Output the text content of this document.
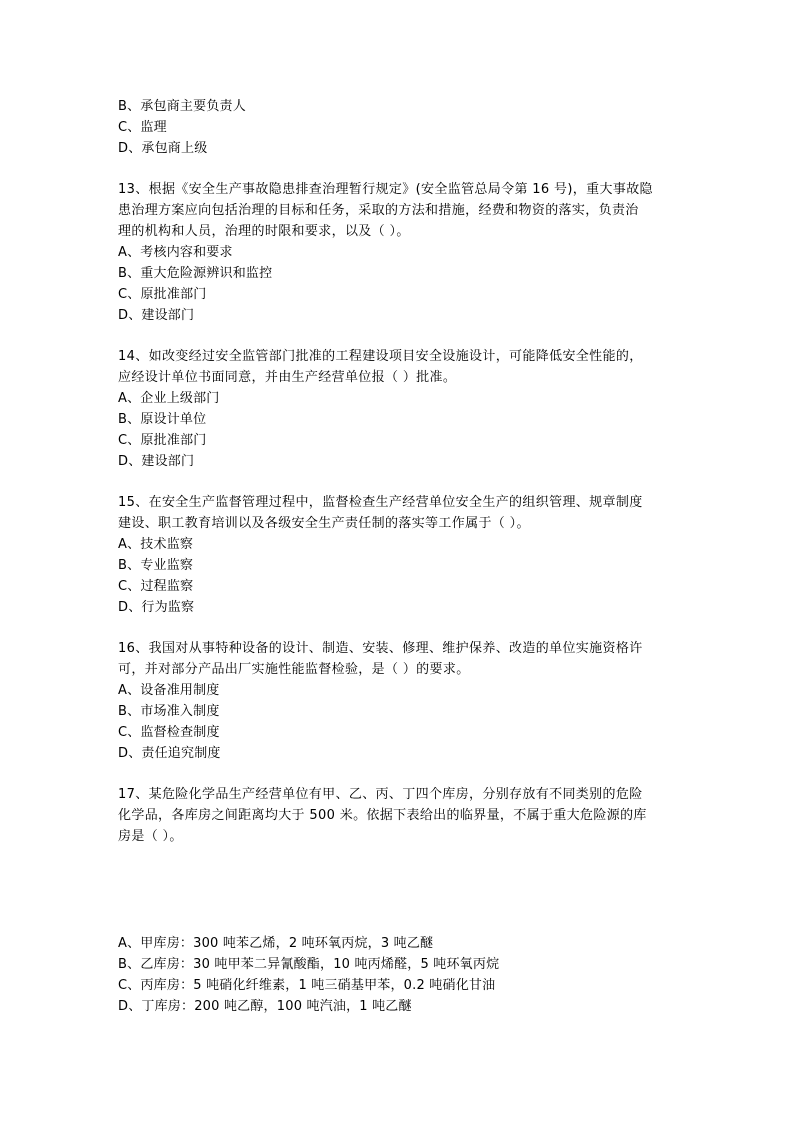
B、承包商主要负责人
C、监理
D、承包商上级
13、根据《安全生产事故隐患排查治理暂行规定》(安全监管总局令第 16 号)，重大事故隐
患治理方案应向包括治理的目标和任务，采取的方法和措施，经费和物资的落实，负责治
理的机构和人员，治理的时限和要求，以及（ ）。
A、考核内容和要求
B、重大危险源辨识和监控
C、原批准部门
D、建设部门
14、如改变经过安全监管部门批准的工程建设项目安全设施设计，可能降低安全性能的，
应经设计单位书面同意，并由生产经营单位报（ ）批准。
A、企业上级部门
B、原设计单位
C、原批准部门
D、建设部门
15、在安全生产监督管理过程中，监督检查生产经营单位安全生产的组织管理、规章制度
建设、职工教育培训以及各级安全生产责任制的落实等工作属于（ ）。
A、技术监察
B、专业监察
C、过程监察
D、行为监察
16、我国对从事特种设备的设计、制造、安装、修理、维护保养、改造的单位实施资格许
可，并对部分产品出厂实施性能监督检验，是（ ）的要求。
A、设备准用制度
B、市场准入制度
C、监督检查制度
D、责任追究制度
17、某危险化学品生产经营单位有甲、乙、丙、丁四个库房，分别存放有不同类别的危险
化学品，各库房之间距离均大于 500 米。依据下表给出的临界量，不属于重大危险源的库
房是（ ）。
A、甲库房：300 吨苯乙烯，2 吨环氧丙烷，3 吨乙醚
B、乙库房：30 吨甲苯二异氰酸酯，10 吨丙烯醛，5 吨环氧丙烷
C、丙库房：5 吨硝化纤维素，1 吨三硝基甲苯，0.2 吨硝化甘油
D、丁库房：200 吨乙醇，100 吨汽油，1 吨乙醚
